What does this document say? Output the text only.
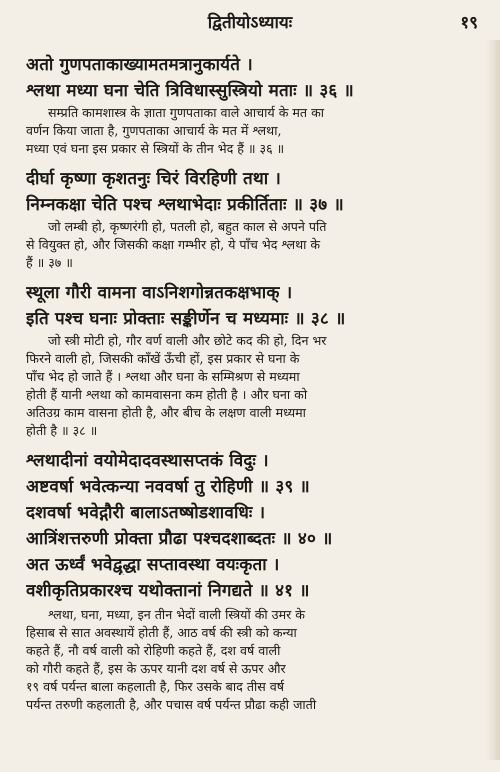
द्वितीयोऽध्यायः	१९
अतो गुणपताकाख्यामतमत्रानुकार्यते ।
श्लथा मध्या घना चेति त्रिविधास्सुस्त्रियो मताः ॥ ३६ ॥
सम्प्रति कामशास्त्र के ज्ञाता गुणपताका वाले आचार्य के मत का
वर्णन किया जाता है, गुणपताका आचार्य के मत में श्लथा,
मध्या एवं घना इस प्रकार से स्त्रियों के तीन भेद हैं ॥ ३६ ॥
दीर्घा कृष्णा कृशतनुः चिरं विरहिणी तथा ।
निम्नकक्षा चेति पश्च श्लथाभेदाः प्रकीर्तिताः ॥ ३७ ॥
जो लम्बी हो, कृष्णरंगी हो, पतली हो, बहुत काल से अपने पति
से वियुक्त हो, और जिसकी कक्षा गम्भीर हो, ये पाँच भेद श्लथा के
हैं ॥ ३७ ॥
स्थूला गौरी वामना वाऽनिशगोन्नतकक्षभाक् ।
इति पश्च घनाः प्रोक्ताः सङ्कीर्णेन च मध्यमाः ॥ ३८ ॥
जो स्त्री मोटी हो, गौर वर्ण वाली और छोटे कद की हो, दिन भर
फिरने वाली हो, जिसकी काँखें ऊँची हों, इस प्रकार से घना के
पाँच भेद हो जाते हैं । श्लथा और घना के सम्मिश्रण से मध्यमा
होती हैं यानी श्लथा को कामवासना कम होती है । और घना को
अतिउग्र काम वासना होती है, और बीच के लक्षण वाली मध्यमा
होती है ॥ ३८ ॥
श्लथादीनां वयोमेदादवस्थासप्तकं विदुः ।
अष्टवर्षा भवेत्कन्या नववर्षा तु रोहिणी ॥ ३९ ॥
दशवर्षा भवेद्गौरी बालाऽतष्षोडशावधिः ।
आत्रिंशत्तरुणी प्रोक्ता प्रौढा पश्चदशाब्दतः ॥ ४० ॥
अत ऊर्ध्वं भवेद्वृद्धा सप्तावस्था वयःकृता ।
वशीकृतिप्रकारश्च यथोक्तानां निगद्यते ॥ ४१ ॥
श्लथा, घना, मध्या, इन तीन भेदों वाली स्त्रियों की उमर के
हिसाब से सात अवस्थायें होती हैं, आठ वर्ष की स्त्री को कन्या
कहते हैं, नौ वर्ष वाली को रोहिणी कहते हैं, दश वर्ष वाली
को गौरी कहते हैं, इस के ऊपर यानी दश वर्ष से ऊपर और
१९ वर्ष पर्यन्त बाला कहलाती है, फिर उसके बाद तीस वर्ष
पर्यन्त तरुणी कहलाती है, और पचास वर्ष पर्यन्त प्रौढा कही जाती
